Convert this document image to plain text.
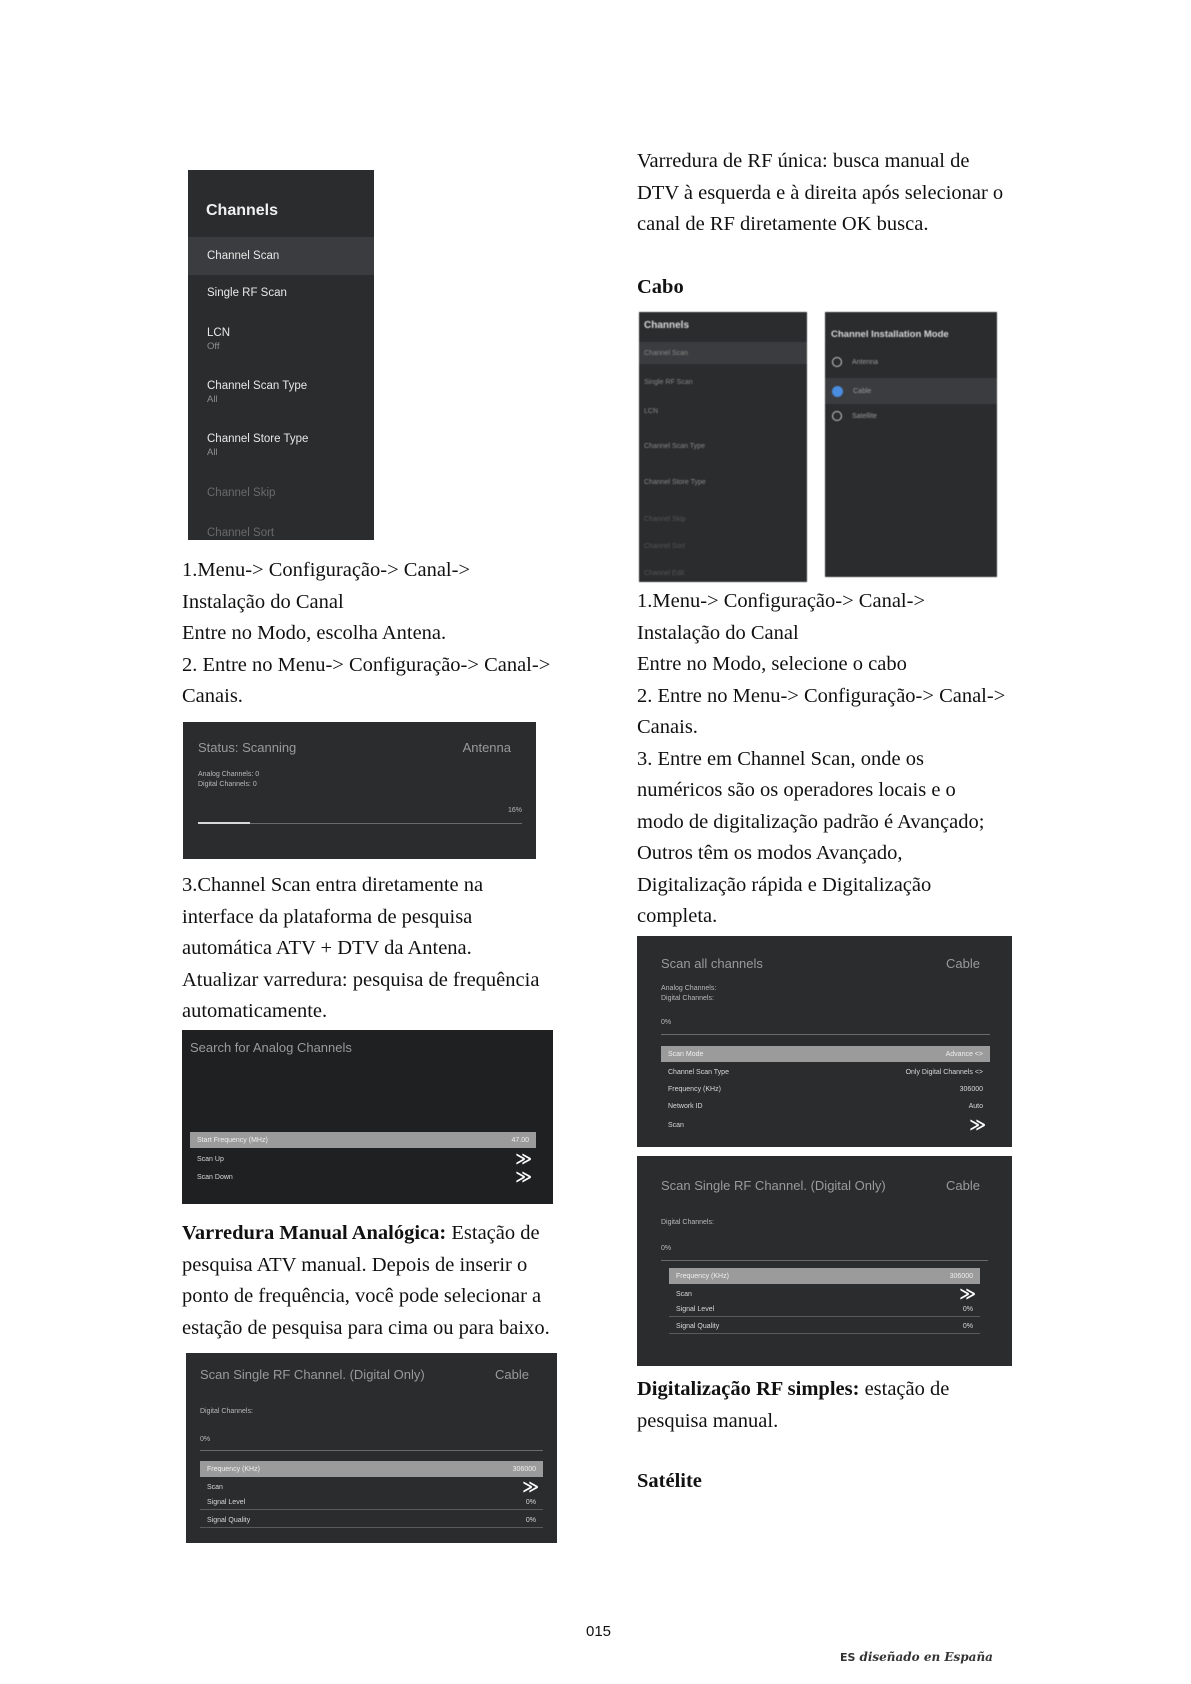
Channels
Channel Scan
Single RF Scan
LCN
Off
Channel Scan Type
All
Channel Store Type
All
Channel Skip
Channel Sort

1.Menu-> Configuração-> Canal->

Instalação do Canal

Entre no Modo, escolha Antena.

2. Entre no Menu-> Configuração-> Canal->

Canais.

Status: Scanning	Antenna
Analog Channels: 0
Digital Channels: 0
16%

3.Channel Scan entra diretamente na

interface da plataforma de pesquisa

automática ATV + DTV da Antena.

Atualizar varredura: pesquisa de frequência

automaticamente.

Search for Analog Channels
Start Frequency (MHz)	47.00
Scan Up	≫
Scan Down	≫

Varredura Manual Analógica: Estação de

pesquisa ATV manual. Depois de inserir o

ponto de frequência, você pode selecionar a

estação de pesquisa para cima ou para baixo.

Scan Single RF Channel. (Digital Only)	Cable
Digital Channels:
0%
Frequency (KHz)	306000
Scan	≫
Signal Level	0%
Signal Quality	0%

Varredura de RF única: busca manual de

DTV à esquerda e à direita após selecionar o

canal de RF diretamente OK busca.

Cabo
Channels
Channel Scan
Single RF Scan
LCN
Channel Scan Type
Channel Store Type
Channel Skip
Channel Sort
Channel Edit
Channel Installation Mode
Antenna
Cable
Satellite

1.Menu-> Configuração-> Canal->

Instalação do Canal

Entre no Modo, selecione o cabo

2. Entre no Menu-> Configuração-> Canal->

Canais.

3. Entre em Channel Scan, onde os

numéricos são os operadores locais e o

modo de digitalização padrão é Avançado;

Outros têm os modos Avançado,

Digitalização rápida e Digitalização

completa.

Scan all channels	Cable
Analog Channels:
Digital Channels:
0%
Scan Mode	Advance <>
Channel Scan Type	Only Digital Channels <>
Frequency (KHz)	306000
Network ID	Auto
Scan	≫
Scan Single RF Channel. (Digital Only)	Cable
Digital Channels:
0%
Frequency (KHz)	306000
Scan	≫
Signal Level	0%
Signal Quality	0%

Digitalização RF simples: estação de

pesquisa manual.

Satélite
015
ES diseñado en España
